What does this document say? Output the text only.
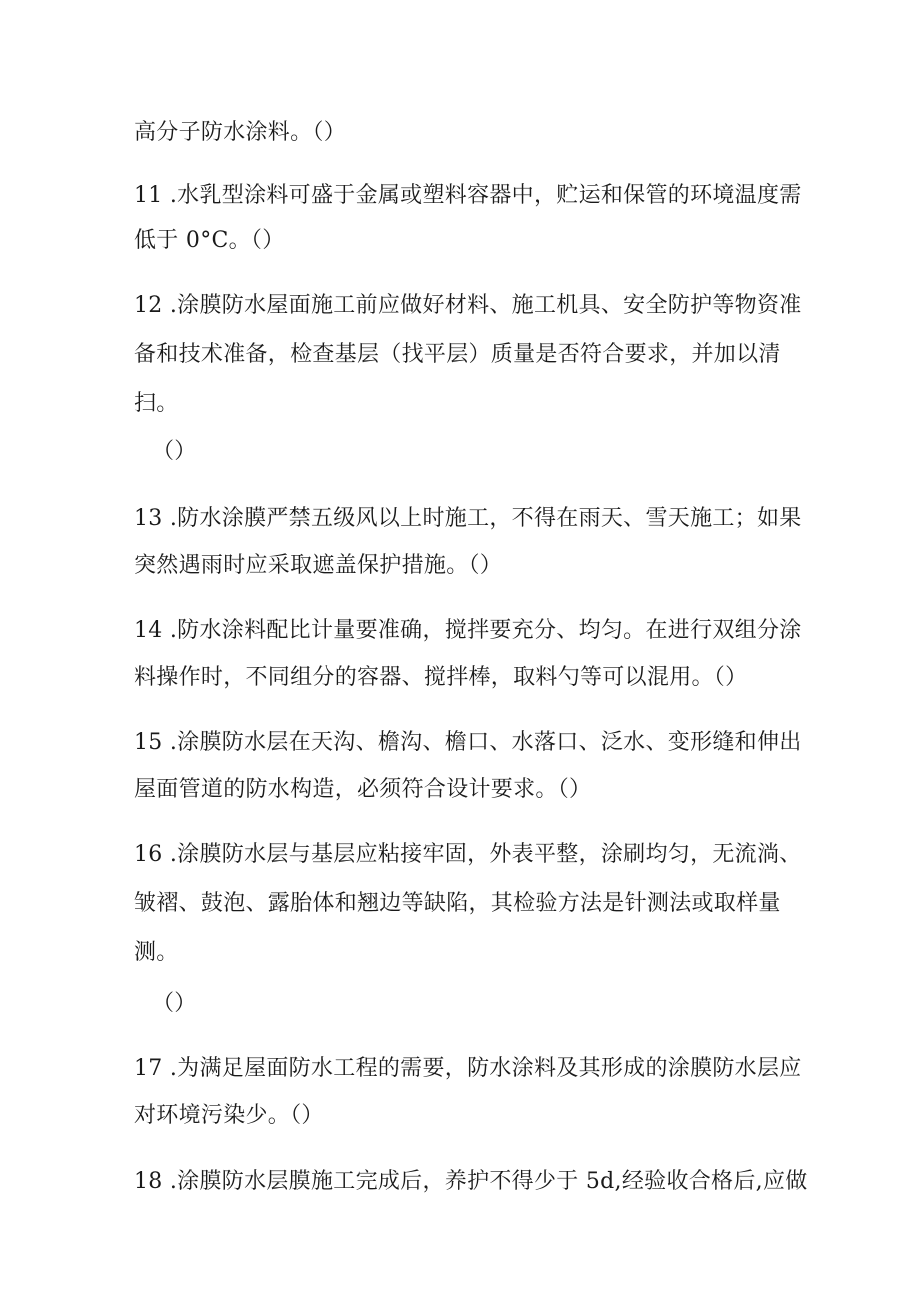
高分子防水涂料。（）
11 .水乳型涂料可盛于金属或塑料容器中，贮运和保管的环境温度需
低于 0°C。（）
12 .涂膜防水屋面施工前应做好材料、施工机具、安全防护等物资准
备和技术准备，检查基层（找平层）质量是否符合要求，并加以清
扫。
（）
13 .防水涂膜严禁五级风以上时施工，不得在雨天、雪天施工；如果
突然遇雨时应采取遮盖保护措施。（）
14 .防水涂料配比计量要准确，搅拌要充分、均匀。在进行双组分涂
料操作时，不同组分的容器、搅拌棒，取料勺等可以混用。（）
15 .涂膜防水层在天沟、檐沟、檐口、水落口、泛水、变形缝和伸出
屋面管道的防水构造，必须符合设计要求。（）
16 .涂膜防水层与基层应粘接牢固，外表平整，涂刷均匀，无流淌、
皱褶、鼓泡、露胎体和翘边等缺陷，其检验方法是针测法或取样量
测。
（）
17 .为满足屋面防水工程的需要，防水涂料及其形成的涂膜防水层应
对环境污染少。（）
18 .涂膜防水层膜施工完成后，养护不得少于 5d,经验收合格后,应做
